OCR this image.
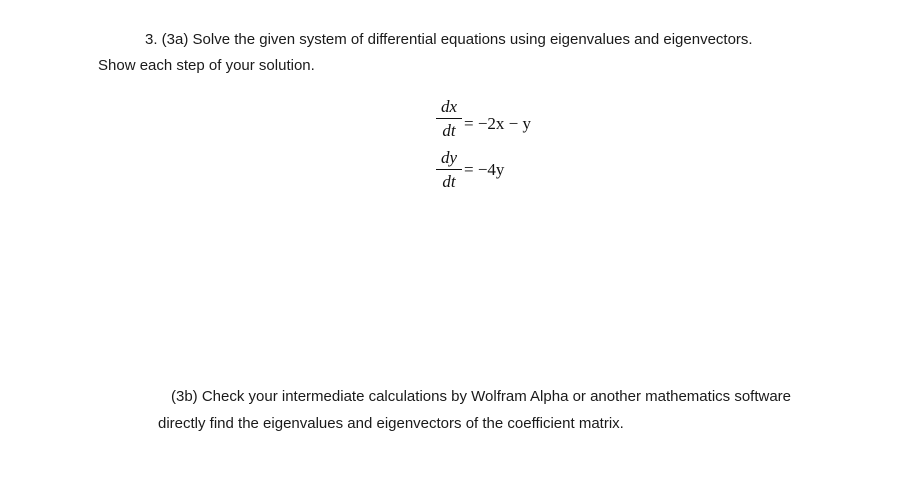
3. (3a) Solve the given system of differential equations using eigenvalues and eigenvectors.
Show each step of your solution.
dx
dt = −2x − y
dy
dt
= −4y
(3b) Check your intermediate calculations by Wolfram Alpha or another mathematics software
directly find the eigenvalues and eigenvectors of the coefficient matrix.
